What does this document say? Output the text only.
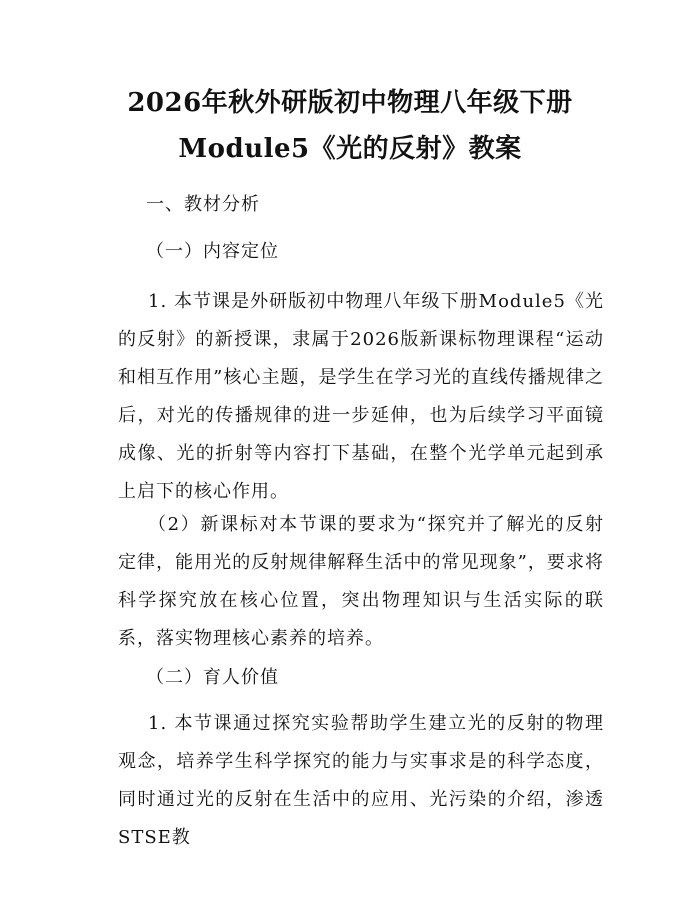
2026年秋外研版初中物理八年级下册
Module5《光的反射》教案
一、教材分析
（一）内容定位
1. 本节课是外研版初中物理八年级下册Module5《光的反射》的新授课，隶属于2026版新课标物理课程“运动和相互作用”核心主题，是学生在学习光的直线传播规律之后，对光的传播规律的进一步延伸，也为后续学习平面镜成像、光的折射等内容打下基础，在整个光学单元起到承上启下的核心作用。
（2）新课标对本节课的要求为“探究并了解光的反射定律，能用光的反射规律解释生活中的常见现象”，要求将科学探究放在核心位置，突出物理知识与生活实际的联系，落实物理核心素养的培养。
（二）育人价值
1. 本节课通过探究实验帮助学生建立光的反射的物理观念，培养学生科学探究的能力与实事求是的科学态度，同时通过光的反射在生活中的应用、光污染的介绍，渗透STSE教
